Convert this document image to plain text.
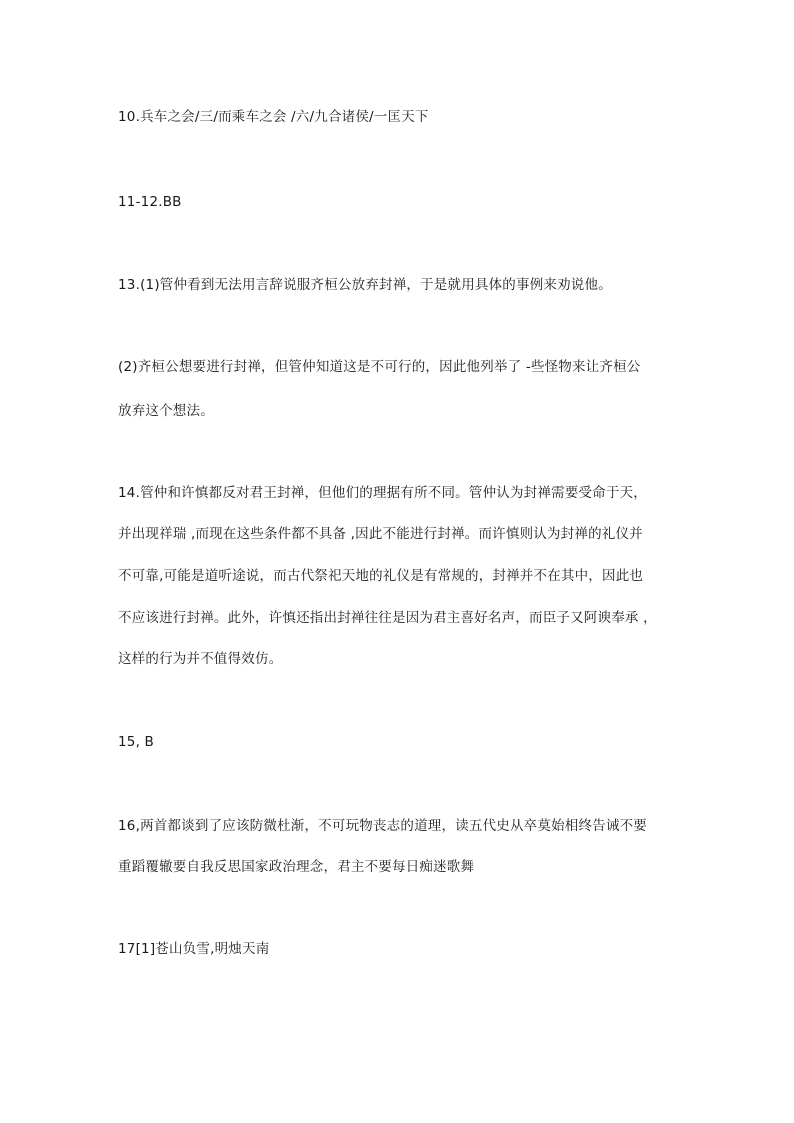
10.兵车之会/三/而乘车之会 /六/九合诸侯/一匡天下
11-12.BB
13.(1)管仲看到无法用言辞说服齐桓公放弃封禅，于是就用具体的事例来劝说他。
(2)齐桓公想要进行封禅，但管仲知道这是不可行的，因此他列举了 -些怪物来让齐桓公
放弃这个想法。
14.管仲和许慎都反对君王封禅，但他们的理据有所不同。管仲认为封禅需要受命于天，
并出现祥瑞 ,而现在这些条件都不具备 ,因此不能进行封禅。而许慎则认为封禅的礼仪并
不可靠,可能是道听途说，而古代祭祀天地的礼仪是有常规的，封禅并不在其中，因此也
不应该进行封禅。此外，许慎还指出封禅往往是因为君主喜好名声，而臣子又阿谀奉承 ，
这样的行为并不值得效仿。
15, B
16,两首都谈到了应该防微杜渐，不可玩物丧志的道理，读五代史从卒莫始相终告诫不要
重蹈覆辙要自我反思国家政治理念，君主不要每日痴迷歌舞
17[1]苍山负雪,明烛天南
